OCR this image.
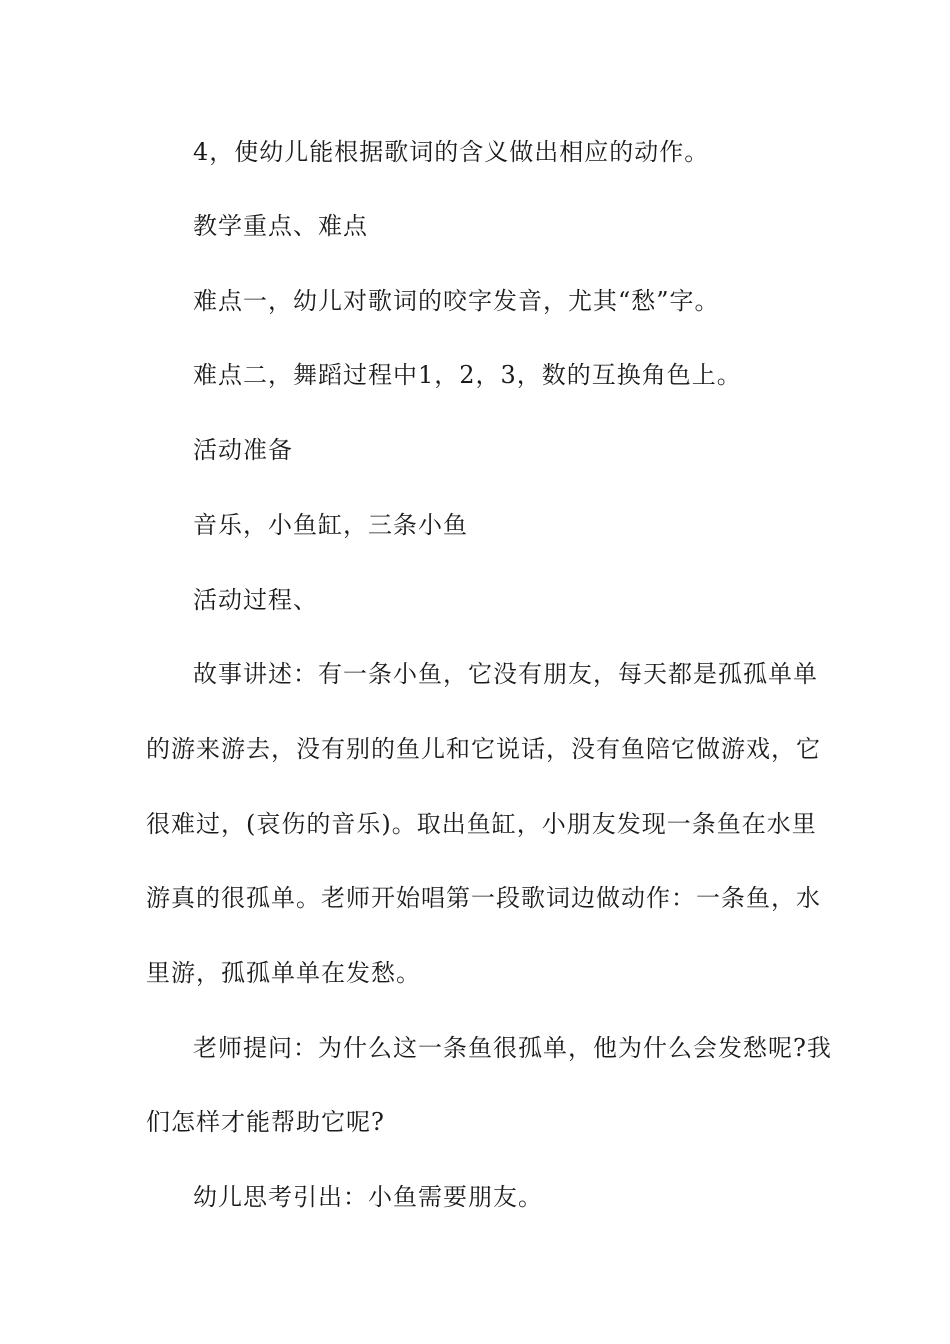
4，使幼儿能根据歌词的含义做出相应的动作。
教学重点、难点
难点一，幼儿对歌词的咬字发音，尤其“愁”字。
难点二，舞蹈过程中1，2，3，数的互换角色上。
活动准备
音乐，小鱼缸，三条小鱼
活动过程、
故事讲述：有一条小鱼，它没有朋友，每天都是孤孤单单
的游来游去，没有别的鱼儿和它说话，没有鱼陪它做游戏，它
很难过，(哀伤的音乐)。取出鱼缸，小朋友发现一条鱼在水里
游真的很孤单。老师开始唱第一段歌词边做动作：一条鱼，水
里游，孤孤单单在发愁。
老师提问：为什么这一条鱼很孤单，他为什么会发愁呢?我
们怎样才能帮助它呢?
幼儿思考引出：小鱼需要朋友。
